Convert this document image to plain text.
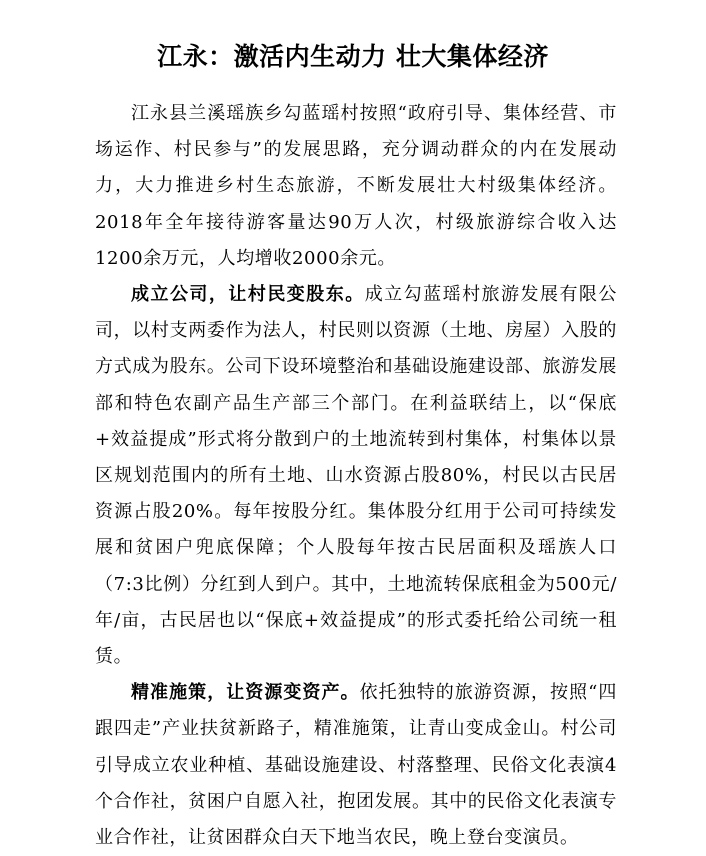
江永：激活内生动力 壮大集体经济

江永县兰溪瑶族乡勾蓝瑶村按照“政府引导、集体经营、市场运作、村民参与”的发展思路，充分调动群众的内在发展动力，大力推进乡村生态旅游，不断发展壮大村级集体经济。2018年全年接待游客量达90万人次，村级旅游综合收入达1200余万元，人均增收2000余元。

成立公司，让村民变股东。成立勾蓝瑶村旅游发展有限公司，以村支两委作为法人，村民则以资源（土地、房屋）入股的方式成为股东。公司下设环境整治和基础设施建设部、旅游发展部和特色农副产品生产部三个部门。在利益联结上，以“保底+效益提成”形式将分散到户的土地流转到村集体，村集体以景区规划范围内的所有土地、山水资源占股80%，村民以古民居资源占股20%。每年按股分红。集体股分红用于公司可持续发展和贫困户兜底保障；个人股每年按古民居面积及瑶族人口（7:3比例）分红到人到户。其中，土地流转保底租金为500元/年/亩，古民居也以“保底+效益提成”的形式委托给公司统一租赁。

精准施策，让资源变资产。依托独特的旅游资源，按照“四跟四走”产业扶贫新路子，精准施策，让青山变成金山。村公司引导成立农业种植、基础设施建设、村落整理、民俗文化表演4个合作社，贫困户自愿入社，抱团发展。其中的民俗文化表演专业合作社，让贫困群众白天下地当农民，晚上登台变演员。
